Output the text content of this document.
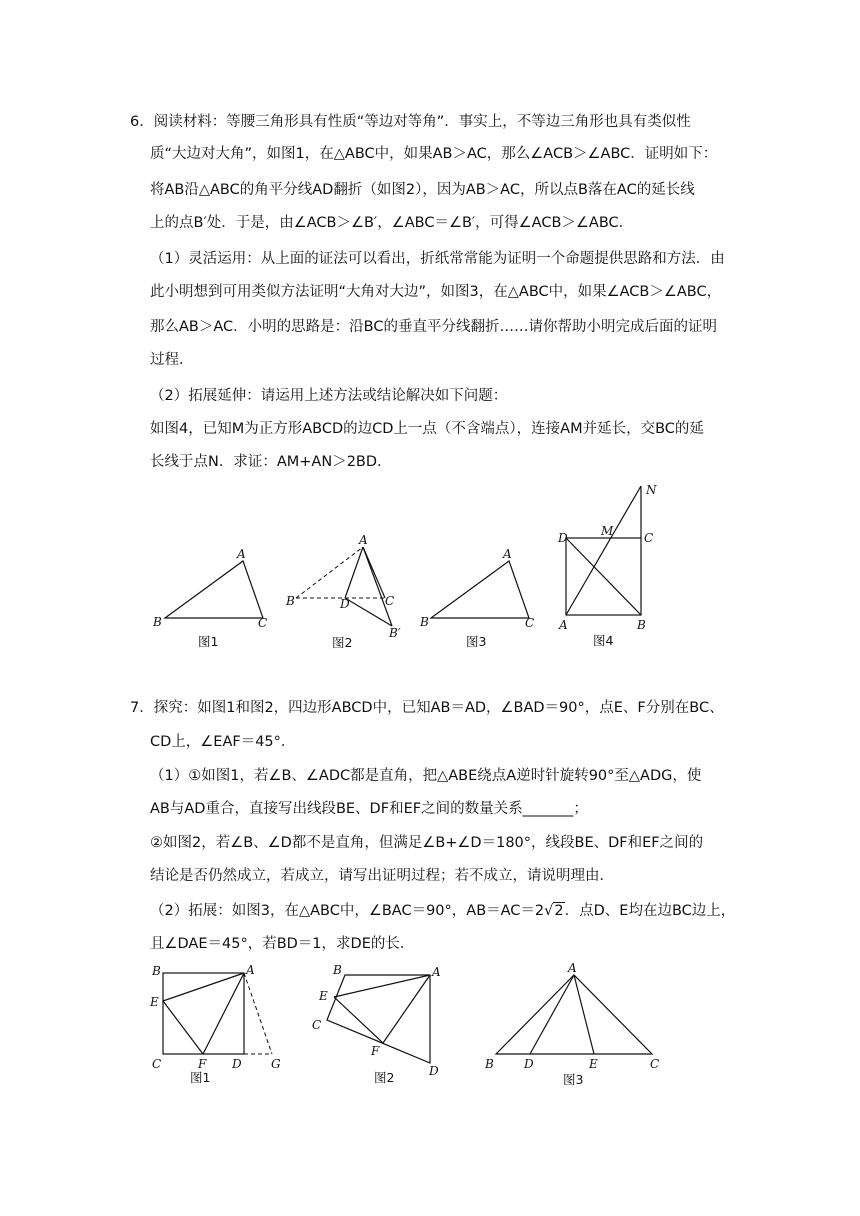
6．阅读材料：等腰三角形具有性质“等边对等角”．事实上，不等边三角形也具有类似性
质“大边对大角”，如图1，在△ABC中，如果AB＞AC，那么∠ACB＞∠ABC．证明如下：
将AB沿△ABC的角平分线AD翻折（如图2），因为AB＞AC，所以点B落在AC的延长线
上的点B′处．于是，由∠ACB＞∠B′，∠ABC＝∠B′，可得∠ACB＞∠ABC．
（1）灵活运用：从上面的证法可以看出，折纸常常能为证明一个命题提供思路和方法．由
此小明想到可用类似方法证明“大角对大边”，如图3，在△ABC中，如果∠ACB＞∠ABC，
那么AB＞AC．小明的思路是：沿BC的垂直平分线翻折……请你帮助小明完成后面的证明
过程．
（2）拓展延伸：请运用上述方法或结论解决如下问题：
如图4，已知M为正方形ABCD的边CD上一点（不含端点），连接AM并延长，交BC的延
长线于点N．求证：AM+AN＞2BD．
A
B	C
图1
A
B	D	C
B′
图2
A
B	C
图3
D	M	C
N
A	B
图4
7．探究：如图1和图2，四边形ABCD中，已知AB＝AD，∠BAD＝90°，点E、F分别在BC、
CD上，∠EAF＝45°．
（1）①如图1，若∠B、∠ADC都是直角，把△ABE绕点A逆时针旋转90°至△ADG，使
AB与AD重合，直接写出线段BE、DF和EF之间的数量关系_______；
②如图2，若∠B、∠D都不是直角，但满足∠B+∠D＝180°，线段BE、DF和EF之间的
结论是否仍然成立，若成立，请写出证明过程；若不成立，请说明理由．
（2）拓展：如图3，在△ABC中，∠BAC＝90°，AB＝AC＝2√2．点D、E均在边BC边上，
且∠DAE＝45°，若BD＝1，求DE的长．
B	A
E
C	F D G
图1
B	A
E
C
F
D
图2
A
B	D	E	C
图3
